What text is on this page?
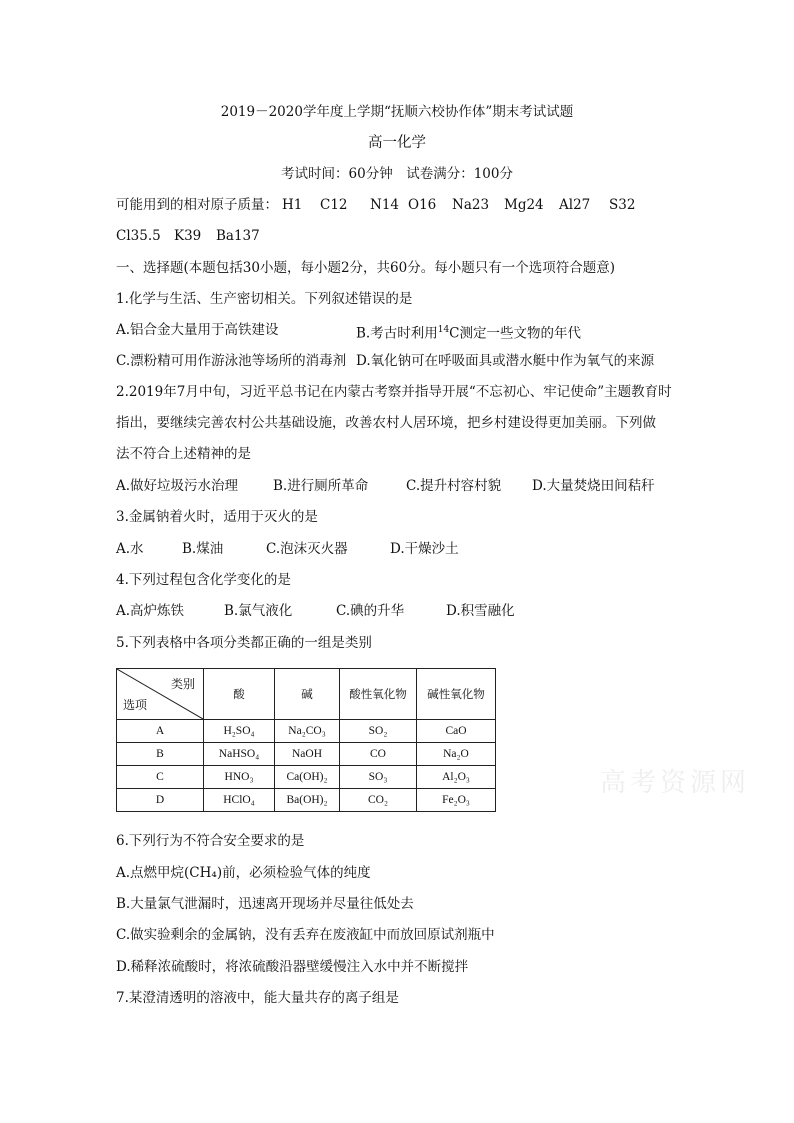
2019－2020学年度上学期“抚顺六校协作体”期末考试试题
高一化学
考试时间：60分钟　试卷满分：100分
可能用到的相对原子质量： H1 C12 N14 O16 Na23 Mg24 Al27 S32
Cl35.5 K39 Ba137
一、选择题(本题包括30小题，每小题2分，共60分。每小题只有一个选项符合题意)
1.化学与生活、生产密切相关。下列叙述错误的是
A.铝合金大量用于高铁建设	B.考古时利用$^{14}$C测定一些文物的年代
C.漂粉精可用作游泳池等场所的消毒剂 D.氧化钠可在呼吸面具或潜水艇中作为氧气的来源
2.2019年7月中旬，习近平总书记在内蒙古考察并指导开展“不忘初心、牢记使命”主题教育时
指出，要继续完善农村公共基础设施，改善农村人居环境，把乡村建设得更加美丽。下列做
法不符合上述精神的是
A.做好垃圾污水治理	B.进行厕所革命	C.提升村容村貌 D.大量焚烧田间秸秆
3.金属钠着火时，适用于灭火的是
A.水	B.煤油	C.泡沫灭火器	D.干燥沙土
4.下列过程包含化学变化的是
A.高炉炼铁	B.氯气液化	C.碘的升华	D.积雪融化
5.下列表格中各项分类都正确的一组是类别
类别
选项	酸	碱	酸性氧化物	碱性氧化物
A	H₂SO₄	Na₂CO₃	SO₂	CaO
B	NaHSO₄	NaOH	CO	Na₂O
C	HNO₃	Ca(OH)₂	SO₃	Al₂O₃
D	HClO₄	Ba(OH)₂	CO₂	Fe₂O₃
高考资源网
6.下列行为不符合安全要求的是
A.点燃甲烷(CH₄)前，必须检验气体的纯度
B.大量氯气泄漏时，迅速离开现场并尽量往低处去
C.做实验剩余的金属钠，没有丢弃在废液缸中而放回原试剂瓶中
D.稀释浓硫酸时，将浓硫酸沿器壁缓慢注入水中并不断搅拌
7.某澄清透明的溶液中，能大量共存的离子组是
